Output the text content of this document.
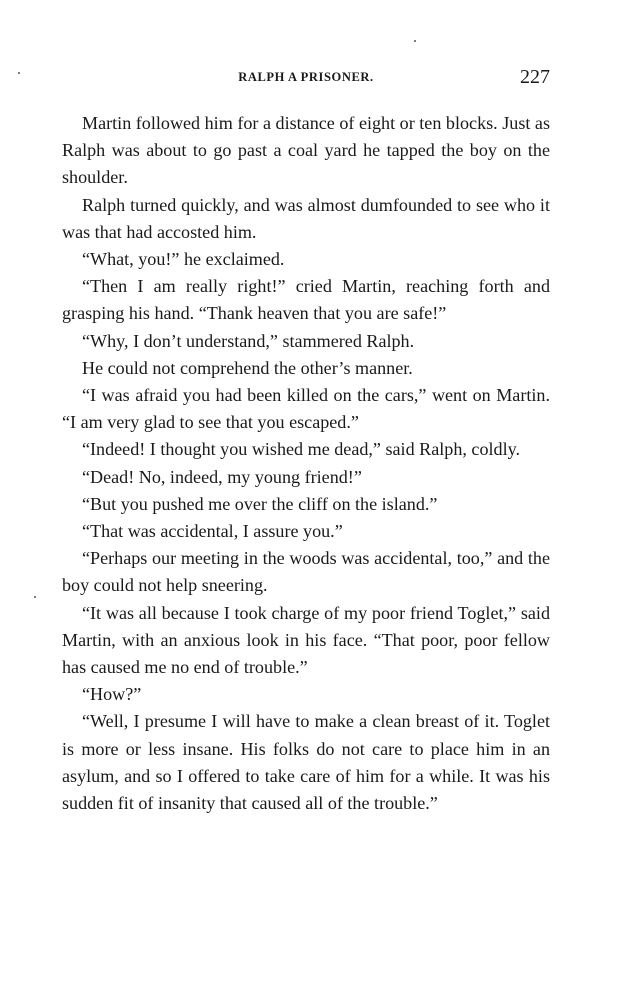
RALPH A PRISONER.	227

Martin followed him for a distance of eight or ten blocks. Just as Ralph was about to go past a coal yard he tapped the boy on the shoulder.

Ralph turned quickly, and was almost dumfounded to see who it was that had accosted him.

“What, you!” he exclaimed.

“Then I am really right!” cried Martin, reaching forth and grasping his hand. “Thank heaven that you are safe!”

“Why, I don’t understand,” stammered Ralph.

He could not comprehend the other’s manner.

“I was afraid you had been killed on the cars,” went on Martin. “I am very glad to see that you escaped.”

“Indeed! I thought you wished me dead,” said Ralph, coldly.

“Dead! No, indeed, my young friend!”

“But you pushed me over the cliff on the island.”

“That was accidental, I assure you.”

“Perhaps our meeting in the woods was accidental, too,” and the boy could not help sneering.

“It was all because I took charge of my poor friend Toglet,” said Martin, with an anxious look in his face. “That poor, poor fellow has caused me no end of trouble.”

“How?”

“Well, I presume I will have to make a clean breast of it. Toglet is more or less insane. His folks do not care to place him in an asylum, and so I offered to take care of him for a while. It was his sudden fit of insanity that caused all of the trouble.”
